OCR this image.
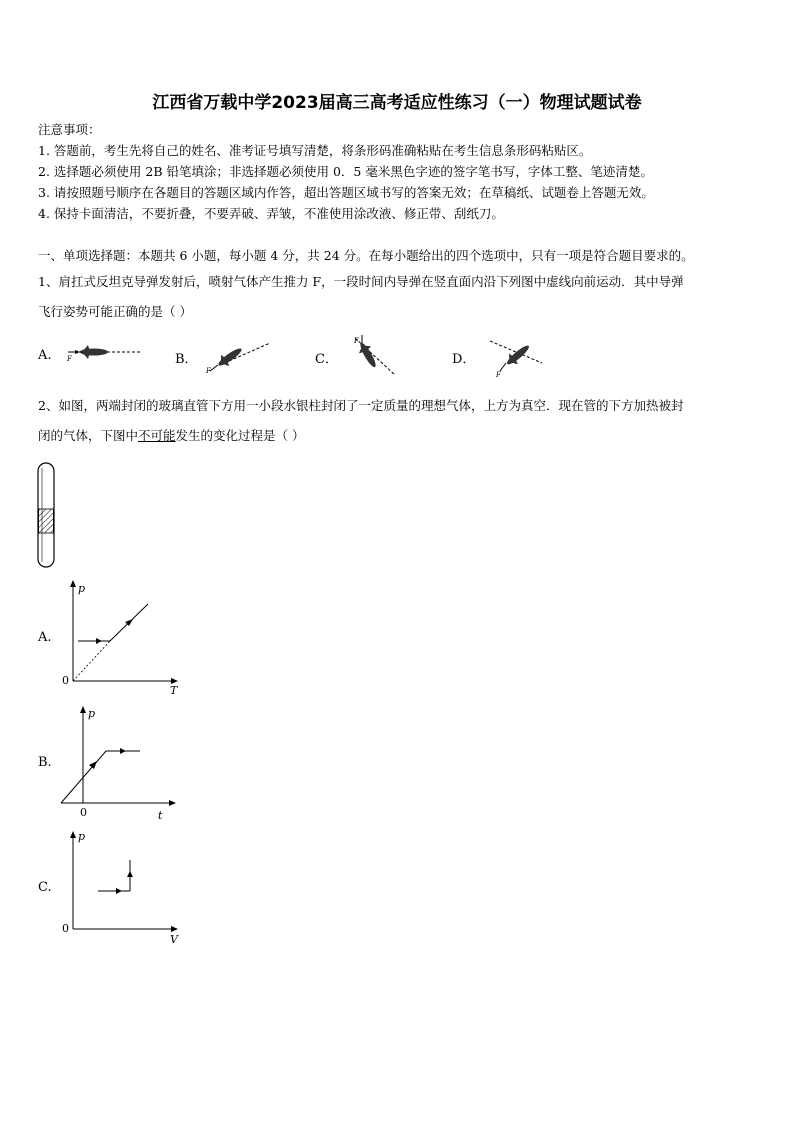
江西省万载中学2023届高三高考适应性练习（一）物理试题试卷
注意事项：
1. 答题前，考生先将自己的姓名、准考证号填写清楚，将条形码准确粘贴在考生信息条形码粘贴区。
2. 选择题必须使用 2B 铅笔填涂；非选择题必须使用 0．5 毫米黑色字迹的签字笔书写，字体工整、笔迹清楚。
3. 请按照题号顺序在各题目的答题区域内作答，超出答题区域书写的答案无效；在草稿纸、试题卷上答题无效。
4. 保持卡面清洁，不要折叠，不要弄破、弄皱，不准使用涂改液、修正带、刮纸刀。
一、单项选择题：本题共 6 小题，每小题 4 分，共 24 分。在每小题给出的四个选项中，只有一项是符合题目要求的。
1、肩扛式反坦克导弹发射后，喷射气体产生推力 F，一段时间内导弹在竖直面内沿下列图中虚线向前运动．其中导弹
飞行姿势可能正确的是（ ）
A.	B．	C．	D．
F
F
F
F
2、如图，两端封闭的玻璃直管下方用一小段水银柱封闭了一定质量的理想气体，上方为真空．现在管的下方加热被封
闭的气体，下图中不可能发生的变化过程是（ ）
A.
p
T
0
B.
p
t
0
C.
p
V
0
